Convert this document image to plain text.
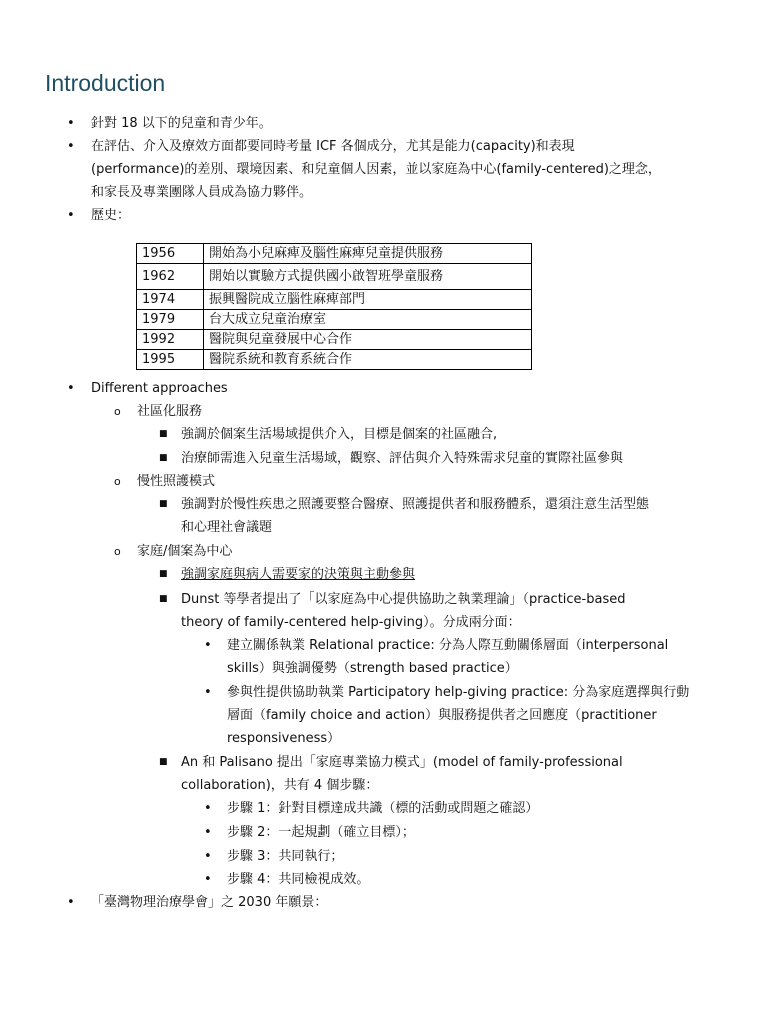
Introduction
• 針對 18 以下的兒童和青少年。
• 在評估、介入及療效方面都要同時考量 ICF 各個成分，尤其是能力(capacity)和表現
(performance)的差別、環境因素、和兒童個人因素，並以家庭為中心(family-centered)之理念，
和家長及專業團隊人員成為協力夥伴。
• 歷史：
1956	開始為小兒麻痺及腦性麻痺兒童提供服務
1962	開始以實驗方式提供國小啟智班學童服務
1974	振興醫院成立腦性麻痺部門
1979	台大成立兒童治療室
1992	醫院與兒童發展中心合作
1995	醫院系統和教育系統合作
• Different approaches
o 社區化服務
■ 強調於個案生活場域提供介入，目標是個案的社區融合,
■ 治療師需進入兒童生活場域，觀察、評估與介入特殊需求兒童的實際社區參與
o 慢性照護模式
■ 強調對於慢性疾患之照護要整合醫療、照護提供者和服務體系，還須注意生活型態
和心理社會議題
o 家庭/個案為中心
■ 強調家庭與病人需要家的決策與主動參與
■ Dunst 等學者提出了「以家庭為中心提供協助之執業理論」（practice-based
theory of family-centered help-giving）。分成兩分面：
• 建立關係執業 Relational practice: 分為人際互動關係層面（interpersonal
skills）與強調優勢（strength based practice）
• 參與性提供協助執業 Participatory help-giving practice: 分為家庭選擇與行動
層面（family choice and action）與服務提供者之回應度（practitioner
responsiveness）
■ An 和 Palisano 提出「家庭專業協力模式」(model of family-professional
collaboration)，共有 4 個步驟：
• 步驟 1：針對目標達成共識（標的活動或問題之確認）
• 步驟 2：一起規劃（確立目標）；
• 步驟 3：共同執行；
• 步驟 4：共同檢視成效。
• 「臺灣物理治療學會」之 2030 年願景：
